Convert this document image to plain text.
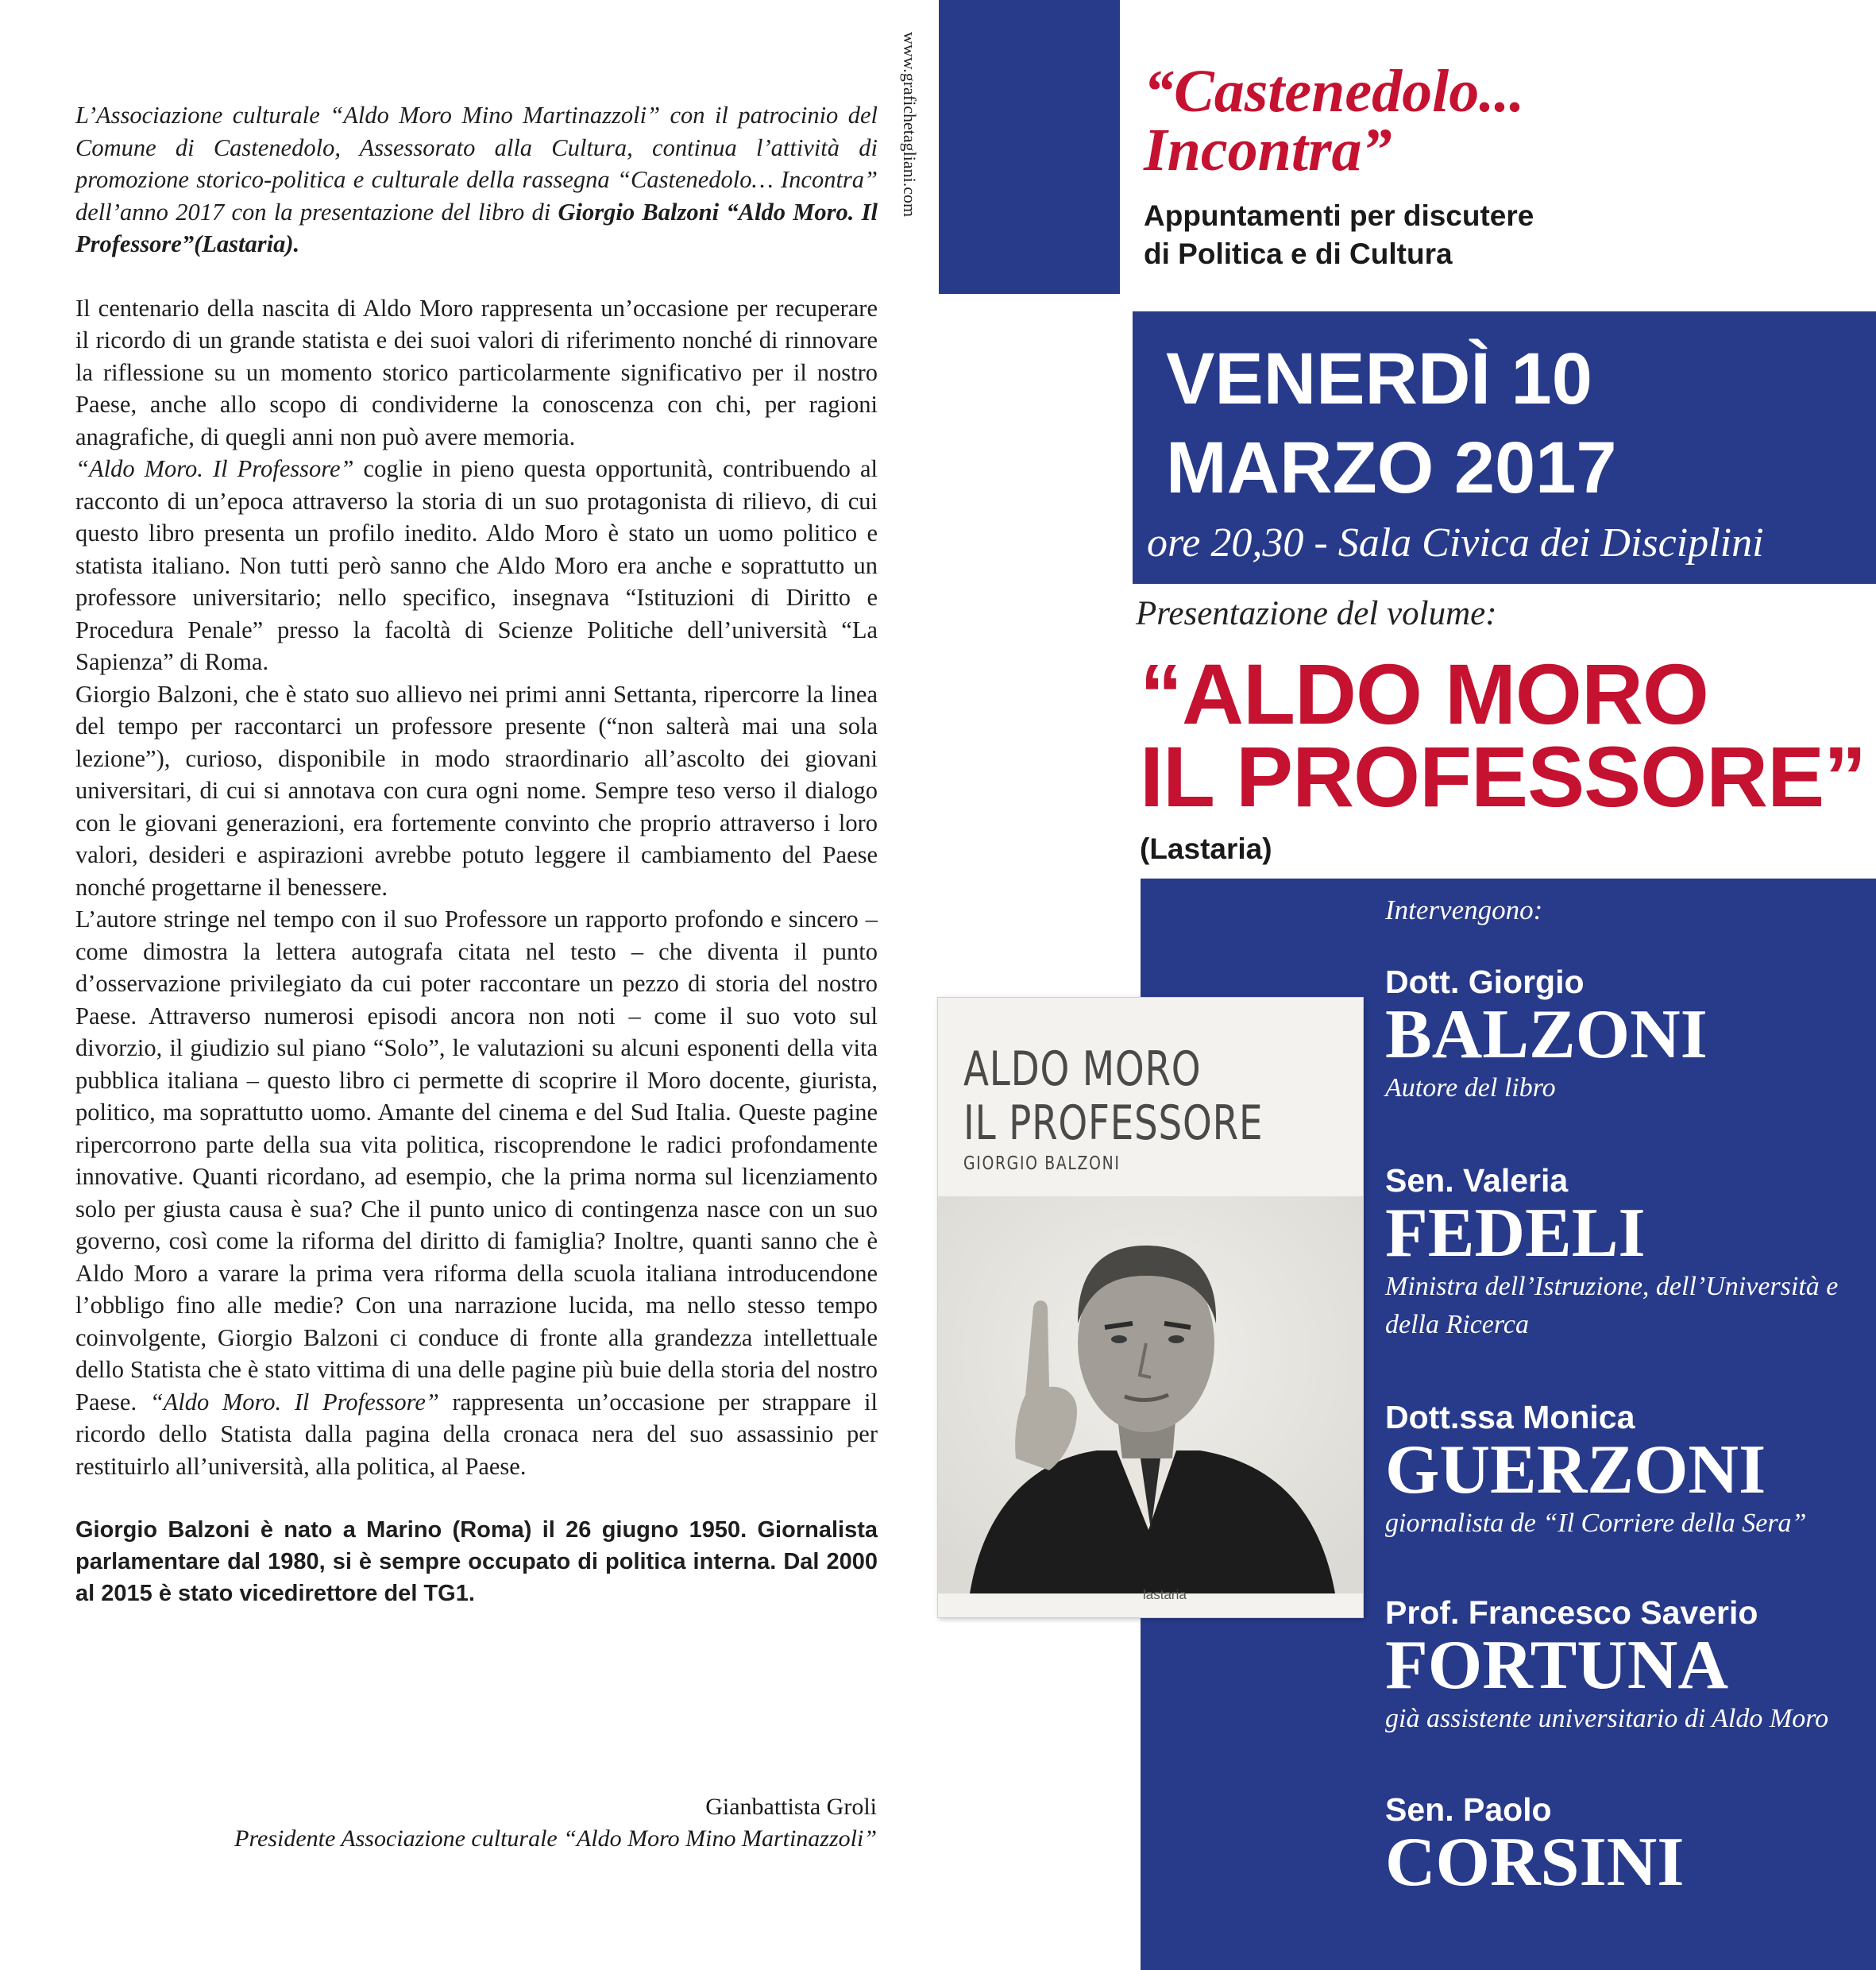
www.grafichetagliani.com

L’Associazione culturale “Aldo Moro Mino Martinazzoli” con il patrocinio del Comune di Castenedolo, Assessorato alla Cultura, continua l’attività di promozione storico-politica e culturale della rassegna “Castenedolo… Incontra” dell’anno 2017 con la presentazione del libro di Giorgio Balzoni “Aldo Moro. Il Professore”(Lastaria).

Il centenario della nascita di Aldo Moro rappresenta un’occasione per recuperare il ricordo di un grande statista e dei suoi valori di riferimento nonché di rinnovare la riflessione su un momento storico particolarmente significativo per il nostro Paese, anche allo scopo di condividerne la conoscenza con chi, per ragioni anagrafiche, di quegli anni non può avere memoria.

“Aldo Moro. Il Professore” coglie in pieno questa opportunità, contribuendo al racconto di un’epoca attraverso la storia di un suo protagonista di rilievo, di cui questo libro presenta un profilo inedito. Aldo Moro è stato un uomo politico e statista italiano. Non tutti però sanno che Aldo Moro era anche e soprattutto un professore universitario; nello specifico, insegnava “Istituzioni di Diritto e Procedura Penale” presso la facoltà di Scienze Politiche dell’università “La Sapienza” di Roma.

Giorgio Balzoni, che è stato suo allievo nei primi anni Settanta, ripercorre la linea del tempo per raccontarci un professore presente (“non salterà mai una sola lezione”), curioso, disponibile in modo straordinario all’ascolto dei giovani universitari, di cui si annotava con cura ogni nome. Sempre teso verso il dialogo con le giovani generazioni, era fortemente convinto che proprio attraverso i loro valori, desideri e aspirazioni avrebbe potuto leggere il cambiamento del Paese nonché progettarne il benessere.

L’autore stringe nel tempo con il suo Professore un rapporto profondo e sincero – come dimostra la lettera autografa citata nel testo – che diventa il punto d’osservazione privilegiato da cui poter raccontare un pezzo di storia del nostro Paese. Attraverso numerosi episodi ancora non noti – come il suo voto sul divorzio, il giudizio sul piano “Solo”, le valutazioni su alcuni esponenti della vita pubblica italiana – questo libro ci permette di scoprire il Moro docente, giurista, politico, ma soprattutto uomo. Amante del cinema e del Sud Italia. Queste pagine ripercorrono parte della sua vita politica, riscoprendone le radici profondamente innovative. Quanti ricordano, ad esempio, che la prima norma sul licenziamento solo per giusta causa è sua? Che il punto unico di contingenza nasce con un suo governo, così come la riforma del diritto di famiglia? Inoltre, quanti sanno che è Aldo Moro a varare la prima vera riforma della scuola italiana introducendone l’obbligo fino alle medie? Con una narrazione lucida, ma nello stesso tempo coinvolgente, Giorgio Balzoni ci conduce di fronte alla grandezza intellettuale dello Statista che è stato vittima di una delle pagine più buie della storia del nostro Paese. “Aldo Moro. Il Professore” rappresenta un’occasione per strappare il ricordo dello Statista dalla pagina della cronaca nera del suo assassinio per restituirlo all’università, alla politica, al Paese.

Giorgio Balzoni è nato a Marino (Roma) il 26 giugno 1950. Giornalista parlamentare dal 1980, si è sempre occupato di politica interna. Dal 2000 al 2015 è stato vicedirettore del TG1.

Gianbattista Groli
Presidente Associazione culturale “Aldo Moro Mino Martinazzoli”
“Castenedolo...
Incontra”
Appuntamenti per discutere
di Politica e di Cultura
VENERDÌ 10
MARZO 2017
ore 20,30 - Sala Civica dei Disciplini
Presentazione del volume:
“ALDO MORO
IL PROFESSORE”
(Lastaria)
Intervengono:
Dott. Giorgio
BALZONI
Autore del libro
Sen. Valeria
FEDELI
Ministra dell’Istruzione, dell’Università e della Ricerca
Dott.ssa Monica
GUERZONI
giornalista de “Il Corriere della Sera”
Prof. Francesco Saverio
FORTUNA
già assistente universitario di Aldo Moro
Sen. Paolo
CORSINI
ALDO MORO
IL PROFESSORE
GIORGIO BALZONI
lastaria
